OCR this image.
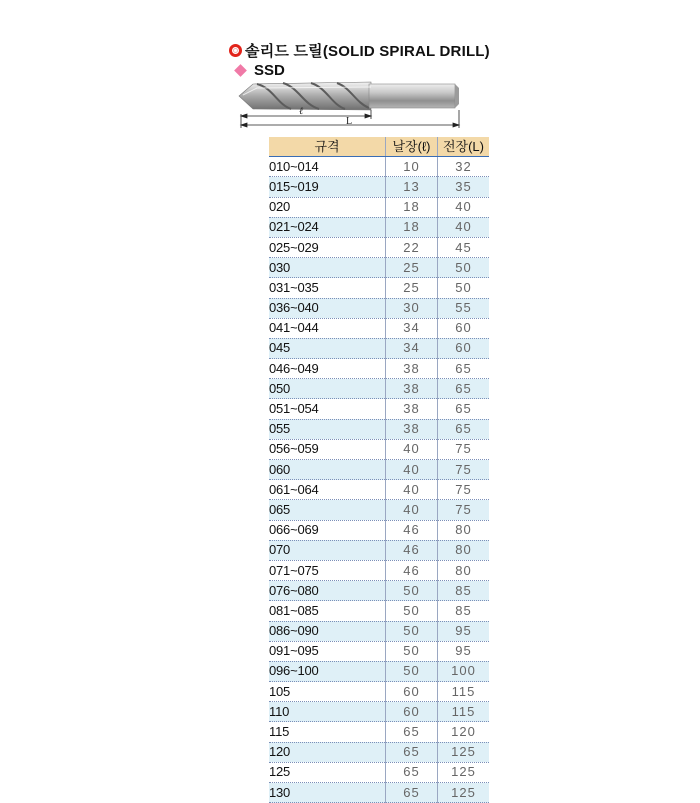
솔리드 드릴(SOLID SPIRAL DRILL)
SSD
ℓ
L
규격	날장(ℓ)	전장(L)
010~014	10	32
015~019	13	35
020	18	40
021~024	18	40
025~029	22	45
030	25	50
031~035	25	50
036~040	30	55
041~044	34	60
045	34	60
046~049	38	65
050	38	65
051~054	38	65
055	38	65
056~059	40	75
060	40	75
061~064	40	75
065	40	75
066~069	46	80
070	46	80
071~075	46	80
076~080	50	85
081~085	50	85
086~090	50	95
091~095	50	95
096~100	50	100
105	60	115
110	60	115
115	65	120
120	65	125
125	65	125
130	65	125
